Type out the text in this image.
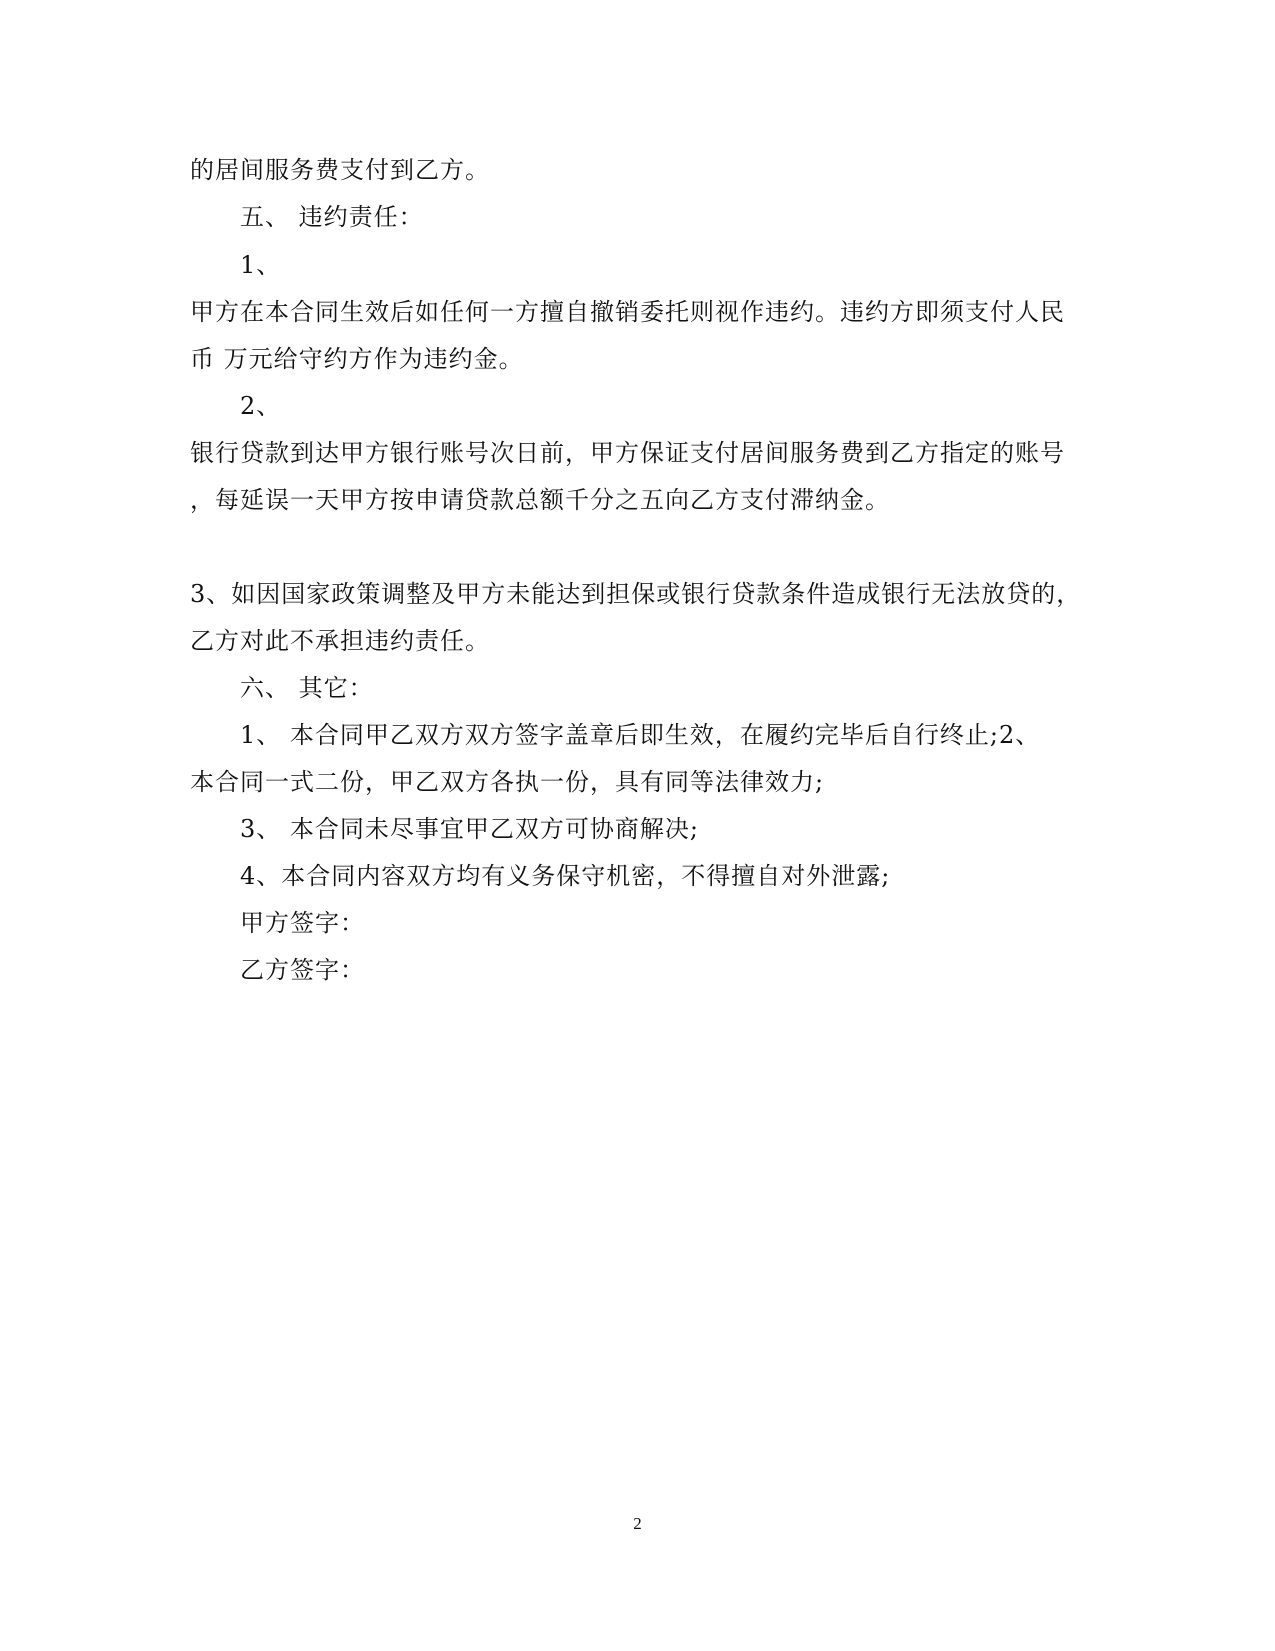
的居间服务费支付到乙方。
五、 违约责任：
1、
甲方在本合同生效后如任何一方擅自撤销委托则视作违约。违约方即须支付人民
币 万元给守约方作为违约金。
2、
银行贷款到达甲方银行账号次日前，甲方保证支付居间服务费到乙方指定的账号
，每延误一天甲方按申请贷款总额千分之五向乙方支付滞纳金。
3、如因国家政策调整及甲方未能达到担保或银行贷款条件造成银行无法放贷的，
乙方对此不承担违约责任。
六、 其它：
1、 本合同甲乙双方双方签字盖章后即生效，在履约完毕后自行终止;2、
本合同一式二份，甲乙双方各执一份，具有同等法律效力;
3、 本合同未尽事宜甲乙双方可协商解决;
4、本合同内容双方均有义务保守机密，不得擅自对外泄露;
甲方签字：
乙方签字：
2
